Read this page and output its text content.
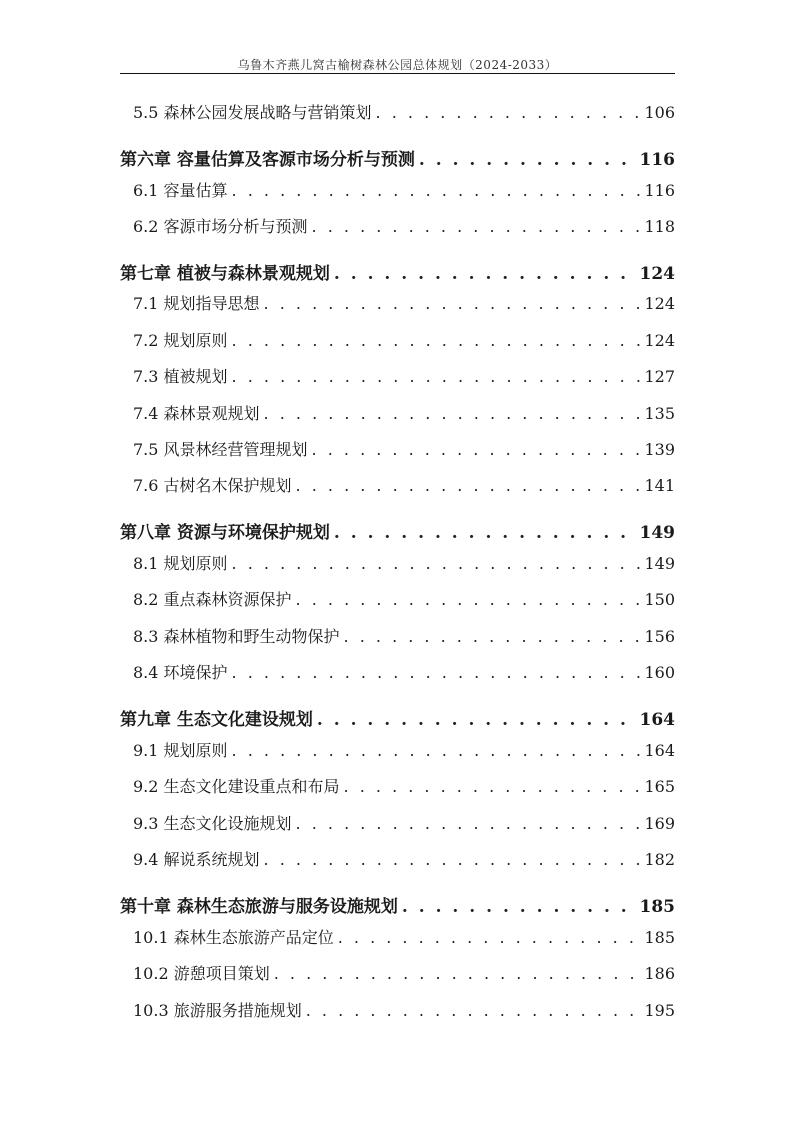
乌鲁木齐燕儿窝古榆树森林公园总体规划（2024-2033）
5.5 森林公园发展战略与营销策划 . . .	106
第六章 容量估算及客源市场分析与预测 . . .	116
6.1 容量估算 . . .	116
6.2 客源市场分析与预测 . . .	118
第七章 植被与森林景观规划 . . .	124
7.1 规划指导思想 . . .	124
7.2 规划原则 . . .	124
7.3 植被规划 . . .	127
7.4 森林景观规划 . . .	135
7.5 风景林经营管理规划 . . .	139
7.6 古树名木保护规划 . . .	141
第八章 资源与环境保护规划 . . .	149
8.1 规划原则 . . .	149
8.2 重点森林资源保护 . . .	150
8.3 森林植物和野生动物保护 . . .	156
8.4 环境保护 . . .	160
第九章 生态文化建设规划 . . .	164
9.1 规划原则 . . .	164
9.2 生态文化建设重点和布局 . . .	165
9.3 生态文化设施规划 . . .	169
9.4 解说系统规划 . . .	182
第十章 森林生态旅游与服务设施规划 . . .	185
10.1 森林生态旅游产品定位 . . .	185
10.2 游憩项目策划 . . .	186
10.3 旅游服务措施规划 . . .	195
